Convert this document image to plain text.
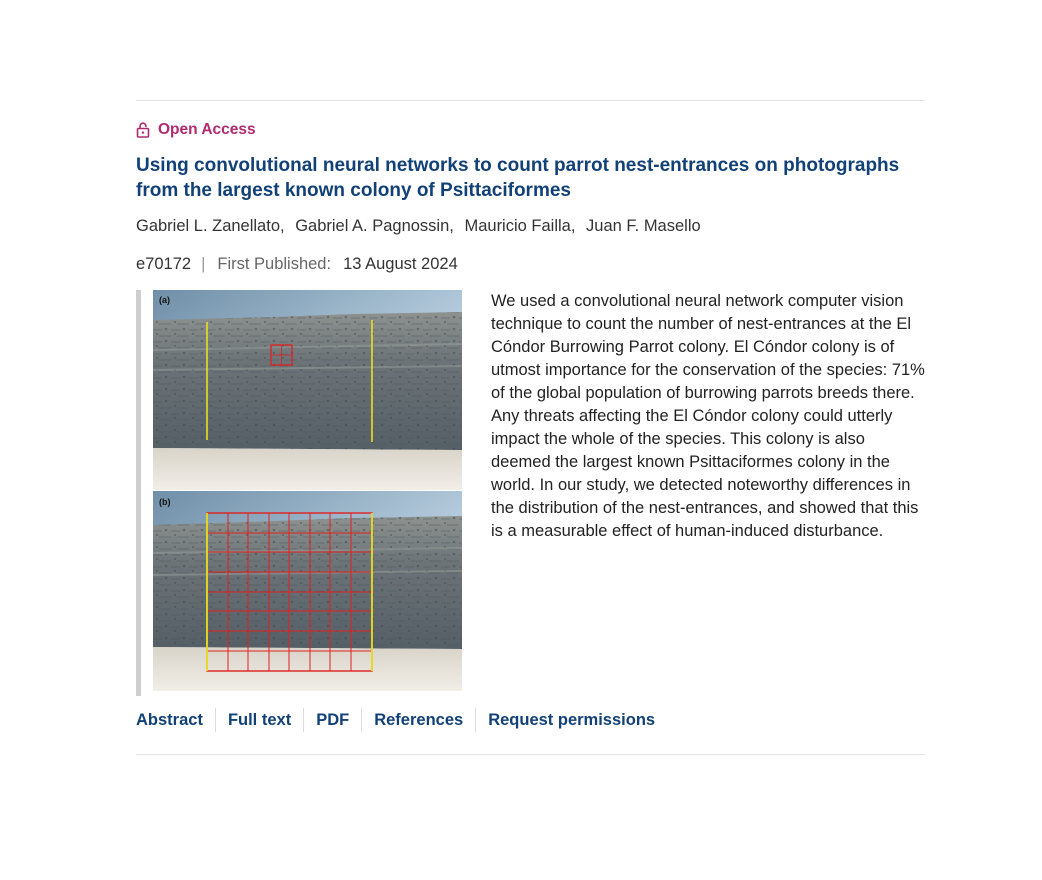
Open Access
Using convolutional neural networks to count parrot nest-entrances on photographs from the largest known colony of Psittaciformes
Gabriel L. Zanellato, Gabriel A. Pagnossin, Mauricio Failla, Juan F. Masello
e70172 | First Published: 13 August 2024
(a)
(b)

We used a convolutional neural network computer vision technique to count the number of nest-entrances at the El Cóndor Burrowing Parrot colony. El Cóndor colony is of utmost importance for the conservation of the species: 71% of the global population of burrowing parrots breeds there. Any threats affecting the El Cóndor colony could utterly impact the whole of the species. This colony is also deemed the largest known Psittaciformes colony in the world. In our study, we detected noteworthy differences in the distribution of the nest-entrances, and showed that this is a measurable effect of human-induced disturbance.

Abstract	Full text	PDF	References	Request permissions
